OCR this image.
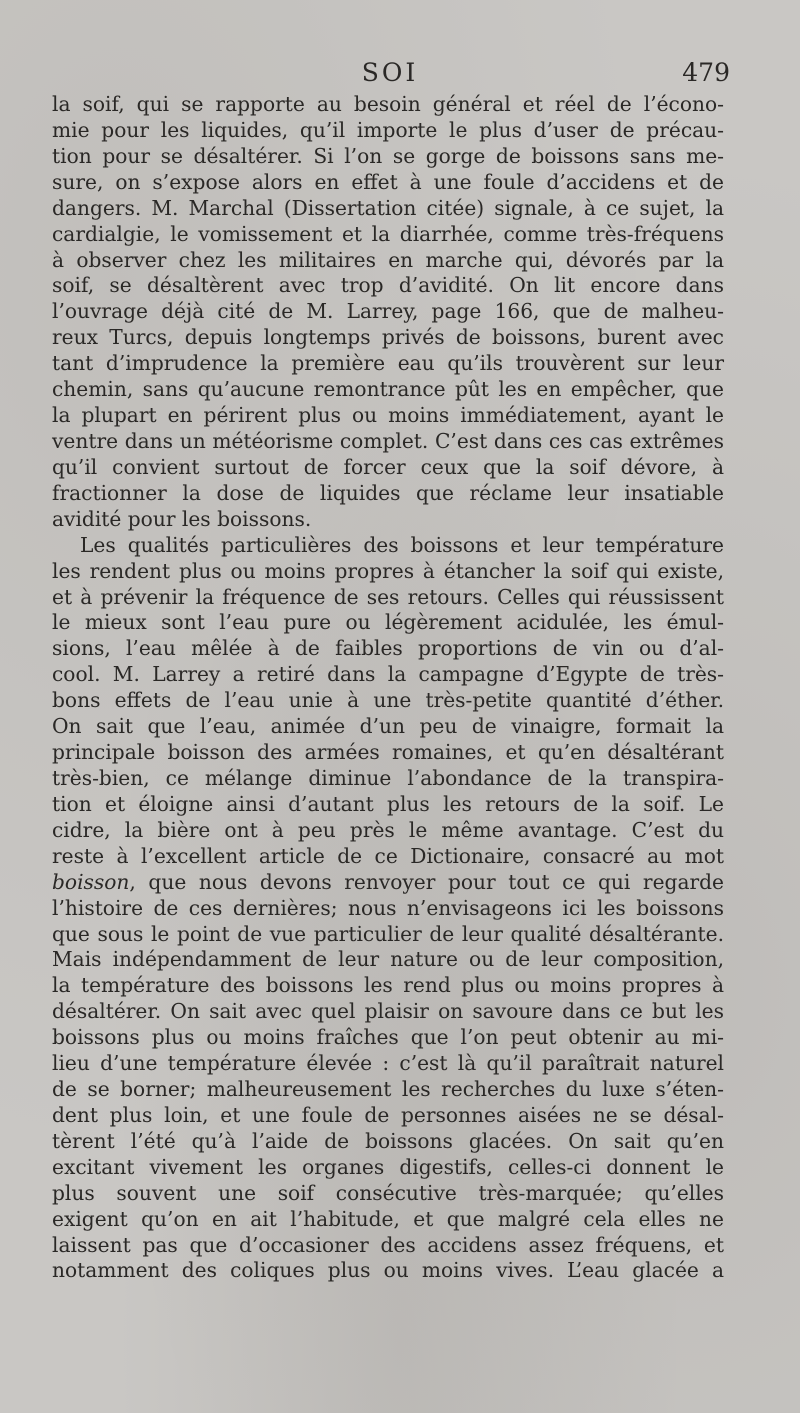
SOI	479
la soif, qui se rapporte au besoin général et réel de l’écono-
mie pour les liquides, qu’il importe le plus d’user de précau-
tion pour se désaltérer. Si l’on se gorge de boissons sans me-
sure, on s’expose alors en effet à une foule d’accidens et de
dangers. M. Marchal (Dissertation citée) signale, à ce sujet, la
cardialgie, le vomissement et la diarrhée, comme très-fréquens
à observer chez les militaires en marche qui, dévorés par la
soif, se désaltèrent avec trop d’avidité. On lit encore dans
l’ouvrage déjà cité de M. Larrey, page 166, que de malheu-
reux Turcs, depuis longtemps privés de boissons, burent avec
tant d’imprudence la première eau qu’ils trouvèrent sur leur
chemin, sans qu’aucune remontrance pût les en empêcher, que
la plupart en périrent plus ou moins immédiatement, ayant le
ventre dans un météorisme complet. C’est dans ces cas extrêmes
qu’il convient surtout de forcer ceux que la soif dévore, à
fractionner la dose de liquides que réclame leur insatiable
avidité pour les boissons.
Les qualités particulières des boissons et leur température
les rendent plus ou moins propres à étancher la soif qui existe,
et à prévenir la fréquence de ses retours. Celles qui réussissent
le mieux sont l’eau pure ou légèrement acidulée, les émul-
sions, l’eau mêlée à de faibles proportions de vin ou d’al-
cool. M. Larrey a retiré dans la campagne d’Egypte de très-
bons effets de l’eau unie à une très-petite quantité d’éther.
On sait que l’eau, animée d’un peu de vinaigre, formait la
principale boisson des armées romaines, et qu’en désaltérant
très-bien, ce mélange diminue l’abondance de la transpira-
tion et éloigne ainsi d’autant plus les retours de la soif. Le
cidre, la bière ont à peu près le même avantage. C’est du
reste à l’excellent article de ce Dictionaire, consacré au mot
boisson, que nous devons renvoyer pour tout ce qui regarde
l’histoire de ces dernières; nous n’envisageons ici les boissons
que sous le point de vue particulier de leur qualité désaltérante.
Mais indépendamment de leur nature ou de leur composition,
la température des boissons les rend plus ou moins propres à
désaltérer. On sait avec quel plaisir on savoure dans ce but les
boissons plus ou moins fraîches que l’on peut obtenir au mi-
lieu d’une température élevée : c’est là qu’il paraîtrait naturel
de se borner; malheureusement les recherches du luxe s’éten-
dent plus loin, et une foule de personnes aisées ne se désal-
tèrent l’été qu’à l’aide de boissons glacées. On sait qu’en
excitant vivement les organes digestifs, celles-ci donnent le
plus souvent une soif consécutive très-marquée; qu’elles
exigent qu’on en ait l’habitude, et que malgré cela elles ne
laissent pas que d’occasioner des accidens assez fréquens, et
notamment des coliques plus ou moins vives. L’eau glacée a
